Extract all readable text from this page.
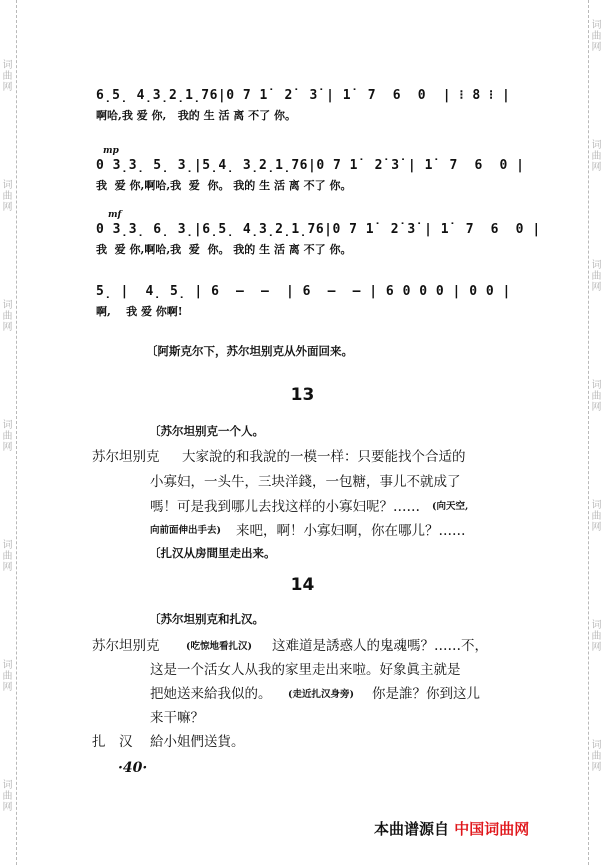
词曲网
词曲网
词曲网
词曲网
词曲网
词曲网
词曲网
词曲网
词曲网
词曲网
词曲网
词曲网
词曲网
词曲网
6̣5̣ 4̣3̣2̣1̣76|0 7 1̇  2̇  3̇ | 1̇  7  6  0  | ⁝ 8 ⁝ |
啊哈,我 爱 你,   我的 生 活 离 不了 你。
mp
0 3̣3̣ 5̣ 3̣|5̣4̣ 3̣2̣1̣76|0 7 1̇  2̇ 3̇ | 1̇  7  6  0 |
我  爱 你,啊哈,我  爱  你。 我的 生 活 离 不了 你。
mf
0 3̣3̣ 6̣ 3̣|6̣5̣ 4̣3̣2̣1̣76|0 7 1̇  2̇ 3̇ | 1̇  7  6  0 |
我  爱 你,啊哈,我  爱  你。 我的 生 活 离 不了 你。
5̣ |  4̣ 5̣ | 6  —  —  | 6  —  — | 6 0 0 0 | 0 0 |
啊,    我 爱 你啊!
〔阿斯克尔下，苏尔坦别克从外面回来。
13
〔苏尔坦别克一个人。
苏尔坦别克 大家說的和我說的一模一样：只要能找个合适的
小寡妇，一头牛，三块洋錢，一包糖，事儿不就成了
嗎！可是我到哪儿去找这样的小寡妇呢？…… (向天空,
向前面伸出手去) 来吧，啊！小寡妇啊，你在哪儿？……
〔扎汉从房間里走出来。
14
〔苏尔坦别克和扎汉。
苏尔坦别克	(吃惊地看扎汉) 这难道是誘惑人的鬼魂嗎？……不，
这是一个活女人从我的家里走出来啦。好象眞主就是
把她送来給我似的。 (走近扎汉身旁) 你是誰？你到这儿
来干嘛？
扎　汉 給小姐們送貨。
·40·
本曲谱源自 中国词曲网
